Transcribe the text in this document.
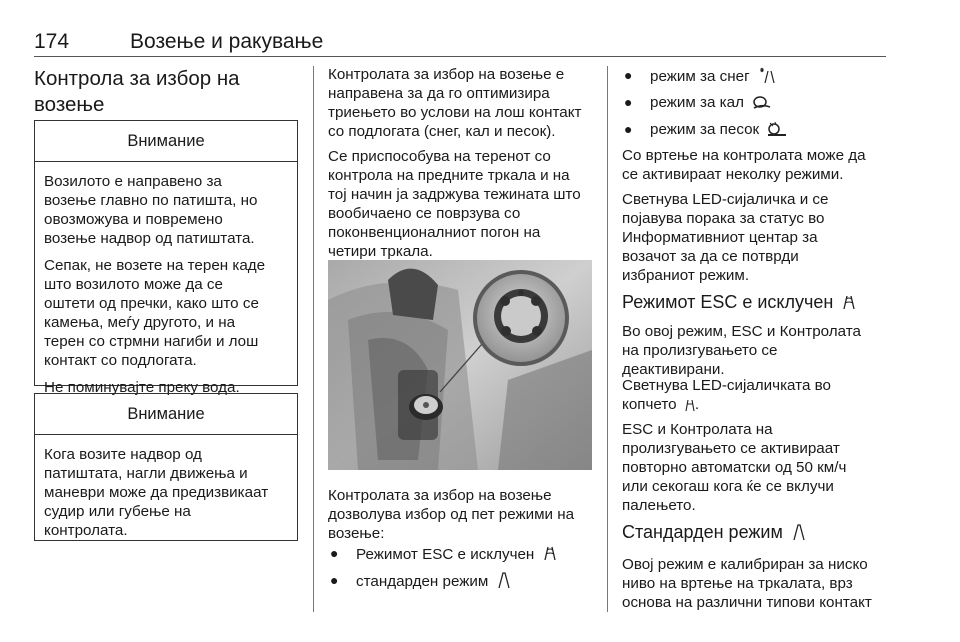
174	Возење и ракување
Контрола за избор на
возење
Внимание
Возилото е направено за
возење главно по патишта, но
овозможува и повремено
возење надвор од патиштата.
Сепак, не возете на терен каде
што возилото може да се
оштети од пречки, како што се
камења, меѓу другото, и на
терен со стрмни нагиби и лош
контакт со подлогата.
Не поминувајте преку вода.
Внимание
Кога возите надвор од
патиштата, нагли движења и
маневри може да предизвикаат
судир или губење на
контролата.
Контролата за избор на возење е
направена за да го оптимизира
триењето во услови на лош контакт
со подлогата (снег, кал и песок).
Се приспособува на теренот со
контрола на предните тркала и на
тој начин ја задржува тежината што
вообичаено се поврзува со
поконвенционалниот погон на
четири тркала.
Контролата за избор на возење
дозволува избор од пет режими на
возење:
● Режимот ESC е исклучен
● стандарден режим
● режим за снег
● режим за кал
● режим за песок
Со вртење на контролата може да
се активираат неколку режими.
Светнува LED-сијаличка и се
појавува порака за статус во
Информативниот центар за
возачот за да се потврди
избраниот режим.
Режимот ESC е исклучен
Во овој режим, ESC и Контролата
на пролизгувањето се
деактивирани.
Светнува LED-сијаличката во
копчето .
ESC и Контролата на
пролизгувањето се активираат
повторно автоматски од 50 км/ч
или секогаш кога ќе се вклучи
палењето.
Стандарден режим
Овој режим е калибриран за ниско
ниво на вртење на тркалата, врз
основа на различни типови контакт
